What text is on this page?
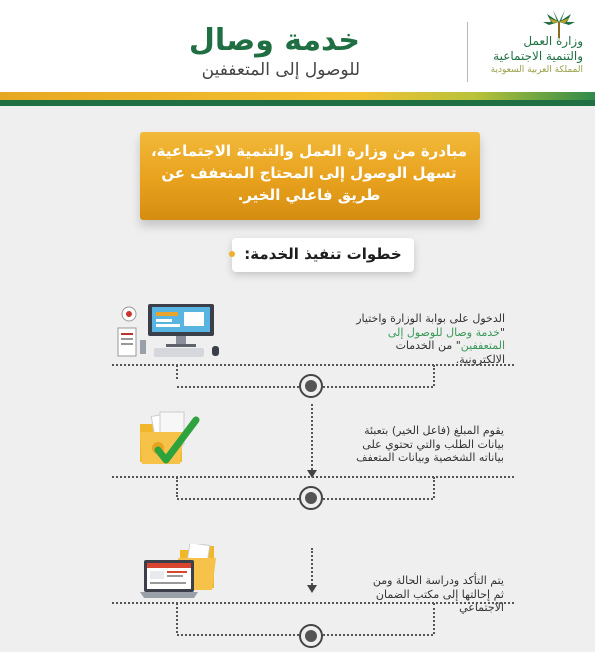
وزارة العمل
والتنمية الاجتماعية
المملكة العربية السعودية
خدمة وصال
للوصول إلى المتعففين
مبادرة من وزارة العمل والتنمية الاجتماعية، تسهل الوصول إلى المحتاج المتعفف عن طريق فاعلي الخير.
خطوات تنفيذ الخدمة:
الدخول على بوابة الوزارة واختيار "خدمة وصال للوصول إلى المتعففين" من الخدمات الالكترونية.
يقوم المبلغ (فاعل الخير) بتعبئة بيانات الطلب والتي تحتوي على بياناته الشخصية وبيانات المتعفف
يتم التأكد ودراسة الحالة ومن ثم إحالتها إلى مكتب الضمان الاجتماعي
